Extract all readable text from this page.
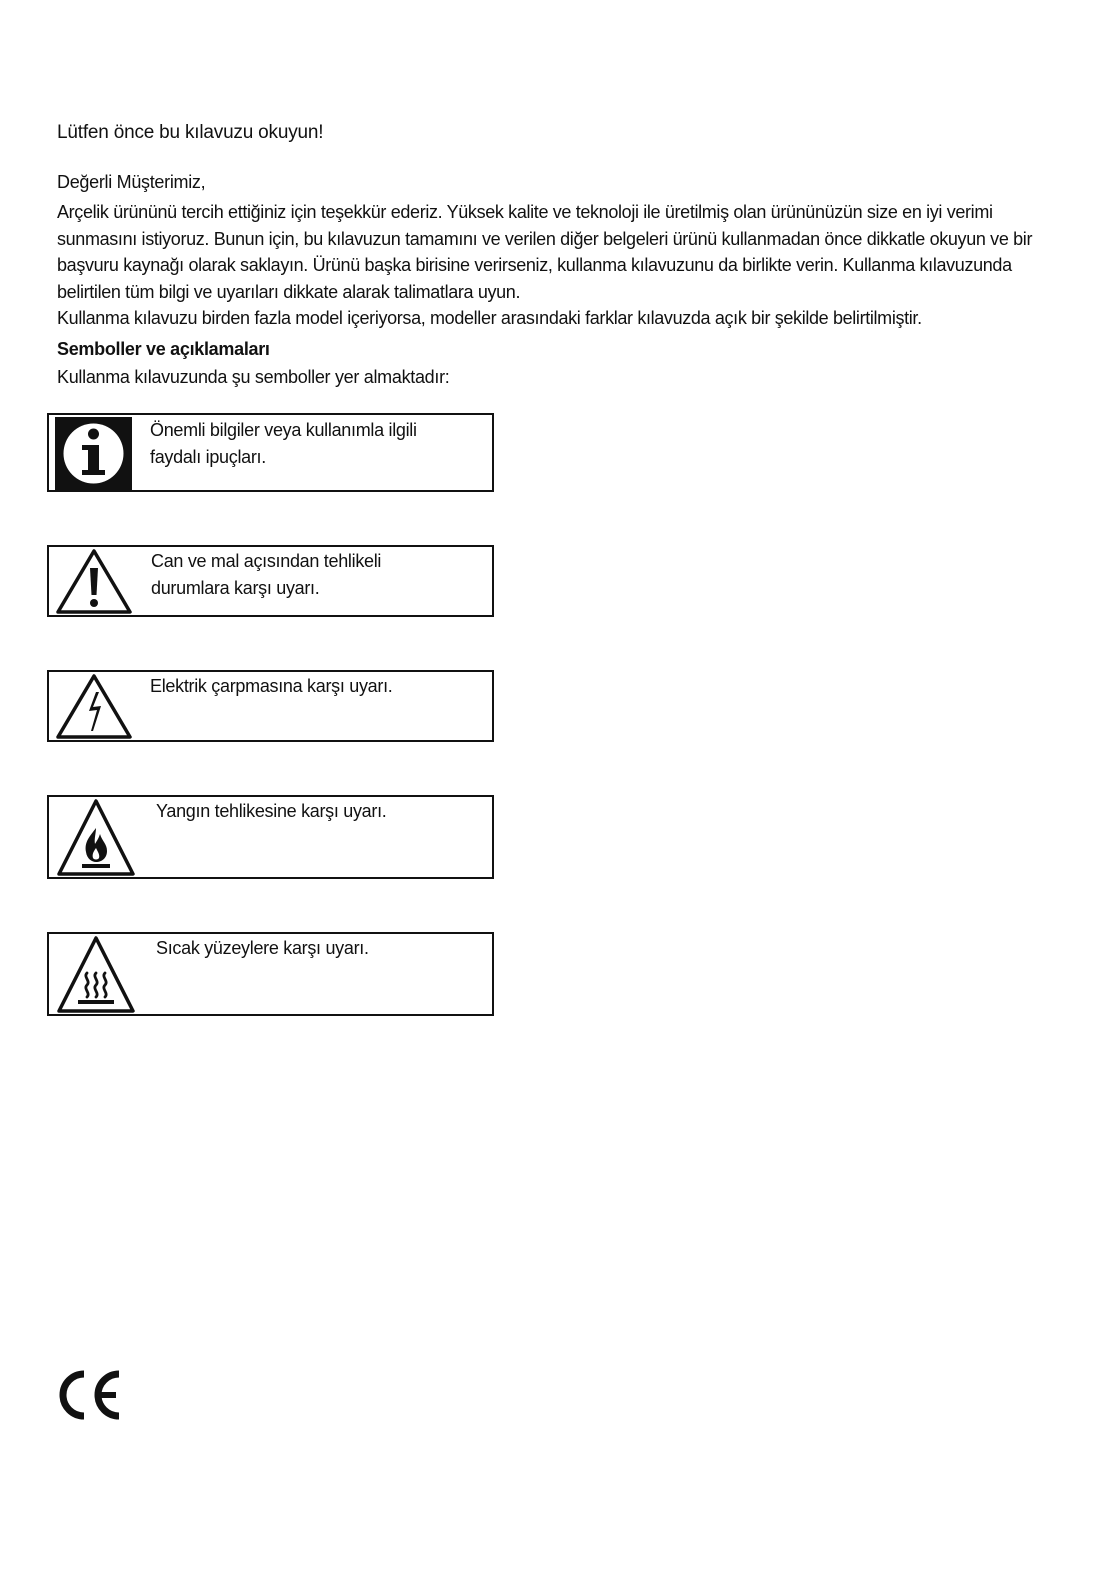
Lütfen önce bu kılavuzu okuyun!
Değerli Müşterimiz,

Arçelik ürününü tercih ettiğiniz için teşekkür ederiz. Yüksek kalite ve teknoloji ile üretilmiş olan ürününüzün size en iyi verimi sunmasını istiyoruz. Bunun için, bu kılavuzun tamamını ve verilen diğer belgeleri ürünü kullanmadan önce dikkatle okuyun ve bir başvuru kaynağı olarak saklayın. Ürünü başka birisine verirseniz, kullanma kılavuzunu da birlikte verin. Kullanma kılavuzunda belirtilen tüm bilgi ve uyarıları dikkate alarak talimatlara uyun.

Kullanma kılavuzu birden fazla model içeriyorsa, modeller arasındaki farklar kılavuzda açık bir şekilde belirtilmiştir.

Semboller ve açıklamaları
Kullanma kılavuzunda şu semboller yer almaktadır:
Önemli bilgiler veya kullanımla ilgili
faydalı ipuçları.
Can ve mal açısından tehlikeli
durumlara karşı uyarı.
Elektrik çarpmasına karşı uyarı.
Yangın tehlikesine karşı uyarı.
Sıcak yüzeylere karşı uyarı.
